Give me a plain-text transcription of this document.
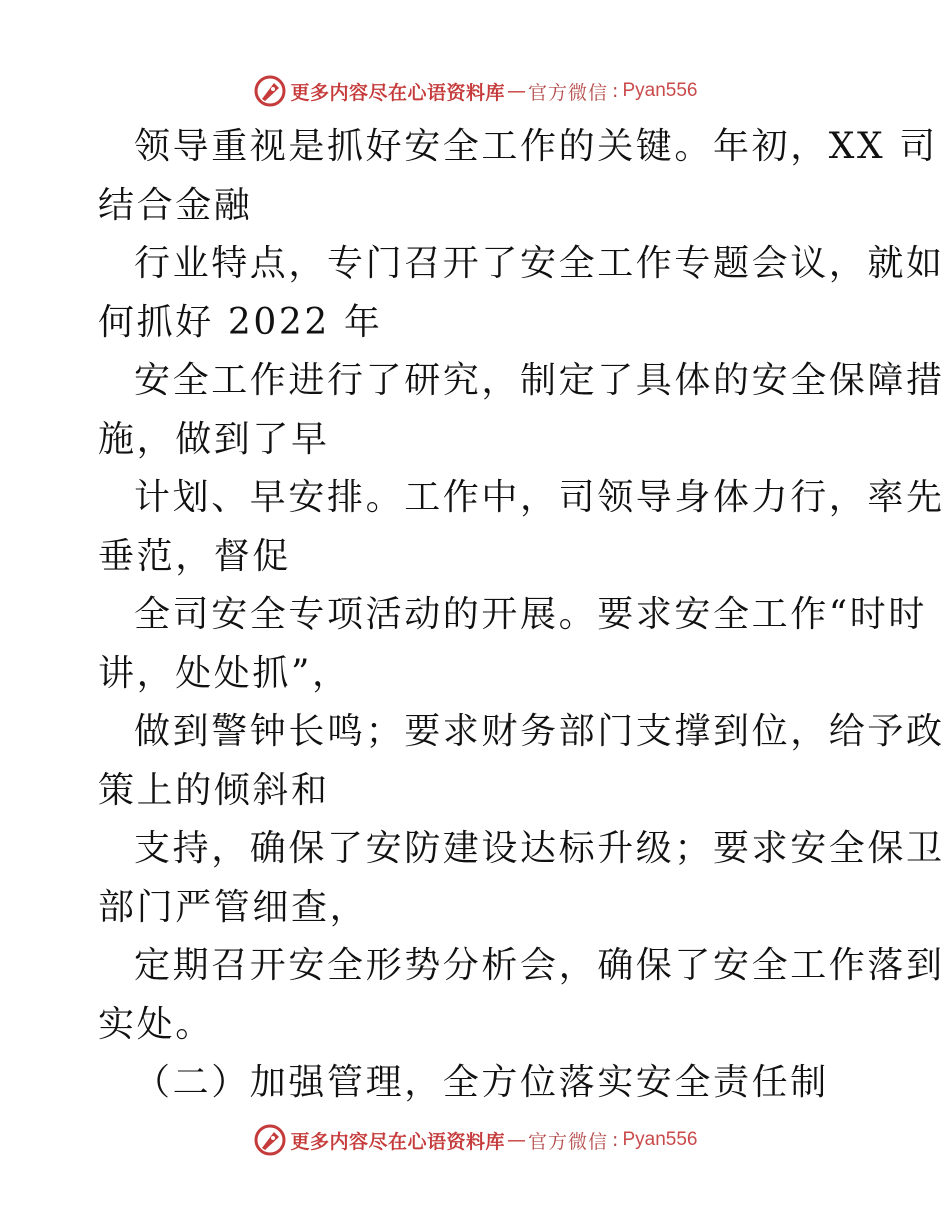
更多内容尽在心语资料库 — 官方微信 : Pyan556
领导重视是抓好安全工作的关键。年初，XX 司
结合金融
行业特点，专门召开了安全工作专题会议，就如
何抓好 2022 年
安全工作进行了研究，制定了具体的安全保障措
施，做到了早
计划、早安排。工作中，司领导身体力行，率先
垂范，督促
全司安全专项活动的开展。要求安全工作“时时
讲，处处抓”，
做到警钟长鸣；要求财务部门支撑到位，给予政
策上的倾斜和
支持，确保了安防建设达标升级；要求安全保卫
部门严管细查，
定期召开安全形势分析会，确保了安全工作落到
实处。
（二）加强管理，全方位落实安全责任制
更多内容尽在心语资料库 — 官方微信 : Pyan556
